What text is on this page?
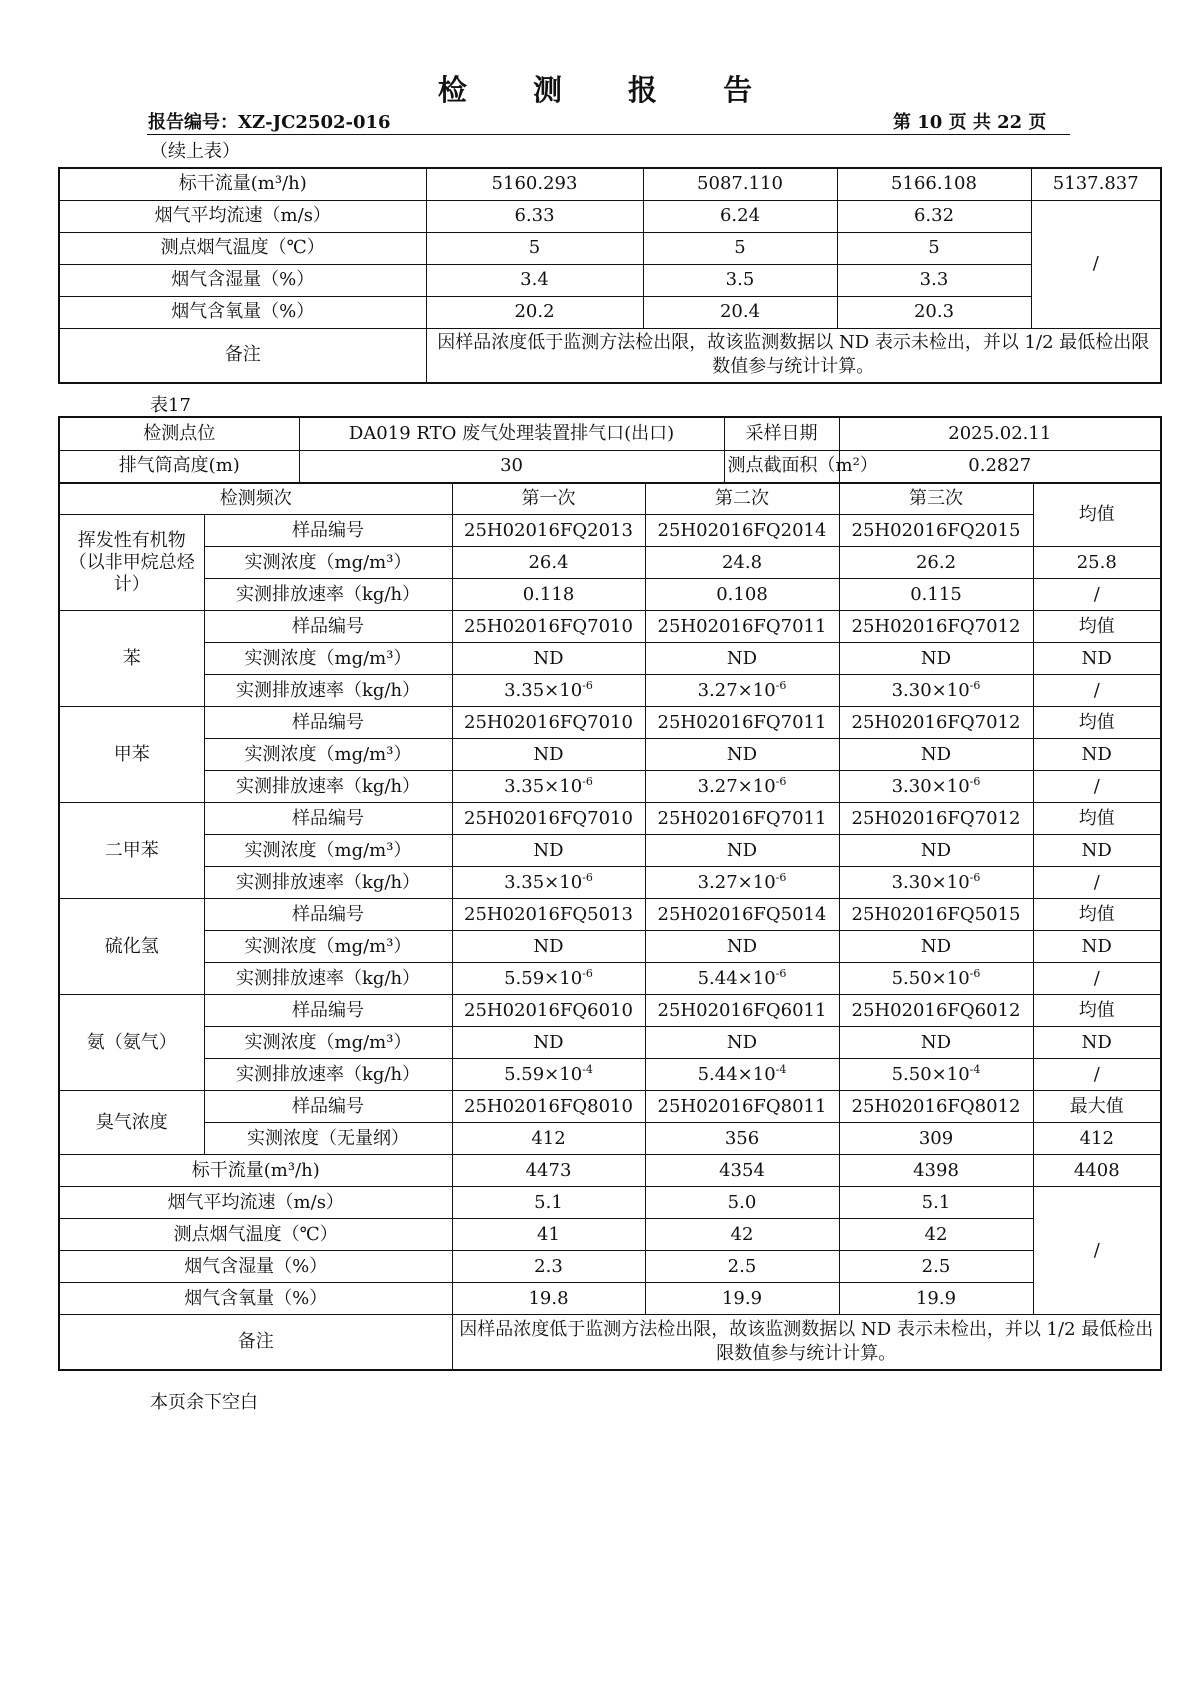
检 测 报 告
报告编号：XZ-JC2502-016	第 10 页 共 22 页
（续上表）
标干流量(m³/h)	5160.293	5087.110	5166.108	5137.837
烟气平均流速（m/s）	6.33	6.24	6.32	/
测点烟气温度（℃）	5	5	5	
烟气含湿量（%）	3.4	3.5	3.3	
烟气含氧量（%）	20.2	20.4	20.3	
备注	因样品浓度低于监测方法检出限，故该监测数据以 ND 表示未检出，并以 1/2 最低检出限数值参与统计计算。			
表17
检测点位	DA019 RTO 废气处理装置排气口(出口)	采样日期	2025.02.11
排气筒高度(m)	30	测点截面积（m²）	0.2827
检测频次		第一次	第二次	第三次	均值
挥发性有机物（以非甲烷总烃计）	样品编号	25H02016FQ2013	25H02016FQ2014	25H02016FQ2015	
	实测浓度（mg/m³）	26.4	24.8	26.2	25.8
	实测排放速率（kg/h）	0.118	0.108	0.115	/
苯	样品编号	25H02016FQ7010	25H02016FQ7011	25H02016FQ7012	均值
	实测浓度（mg/m³）	ND	ND	ND	ND
	实测排放速率（kg/h）	$3.35\times 10^{-6}$	$3.27\times 10^{-6}$	$3.30\times 10^{-6}$	/
甲苯	样品编号	25H02016FQ7010	25H02016FQ7011	25H02016FQ7012	均值
	实测浓度（mg/m³）	ND	ND	ND	ND
	实测排放速率（kg/h）	$3.35\times 10^{-6}$	$3.27\times 10^{-6}$	$3.30\times 10^{-6}$	/
二甲苯	样品编号	25H02016FQ7010	25H02016FQ7011	25H02016FQ7012	均值
	实测浓度（mg/m³）	ND	ND	ND	ND
	实测排放速率（kg/h）	$3.35\times 10^{-6}$	$3.27\times 10^{-6}$	$3.30\times 10^{-6}$	/
硫化氢	样品编号	25H02016FQ5013	25H02016FQ5014	25H02016FQ5015	均值
	实测浓度（mg/m³）	ND	ND	ND	ND
	实测排放速率（kg/h）	$5.59\times 10^{-6}$	$5.44\times 10^{-6}$	$5.50\times 10^{-6}$	/
氨（氨气）	样品编号	25H02016FQ6010	25H02016FQ6011	25H02016FQ6012	均值
	实测浓度（mg/m³）	ND	ND	ND	ND
	实测排放速率（kg/h）	$5.59\times 10^{-4}$	$5.44\times 10^{-4}$	$5.50\times 10^{-4}$	/
臭气浓度	样品编号	25H02016FQ8010	25H02016FQ8011	25H02016FQ8012	最大值
	实测浓度（无量纲）	412	356	309	412
标干流量(m³/h)		4473	4354	4398	4408
烟气平均流速（m/s）		5.1	5.0	5.1	/
测点烟气温度（℃）		41	42	42	
烟气含湿量（%）		2.3	2.5	2.5	
烟气含氧量（%）		19.8	19.9	19.9	
备注		因样品浓度低于监测方法检出限，故该监测数据以 ND 表示未检出，并以 1/2 最低检出限数值参与统计计算。			
本页余下空白
